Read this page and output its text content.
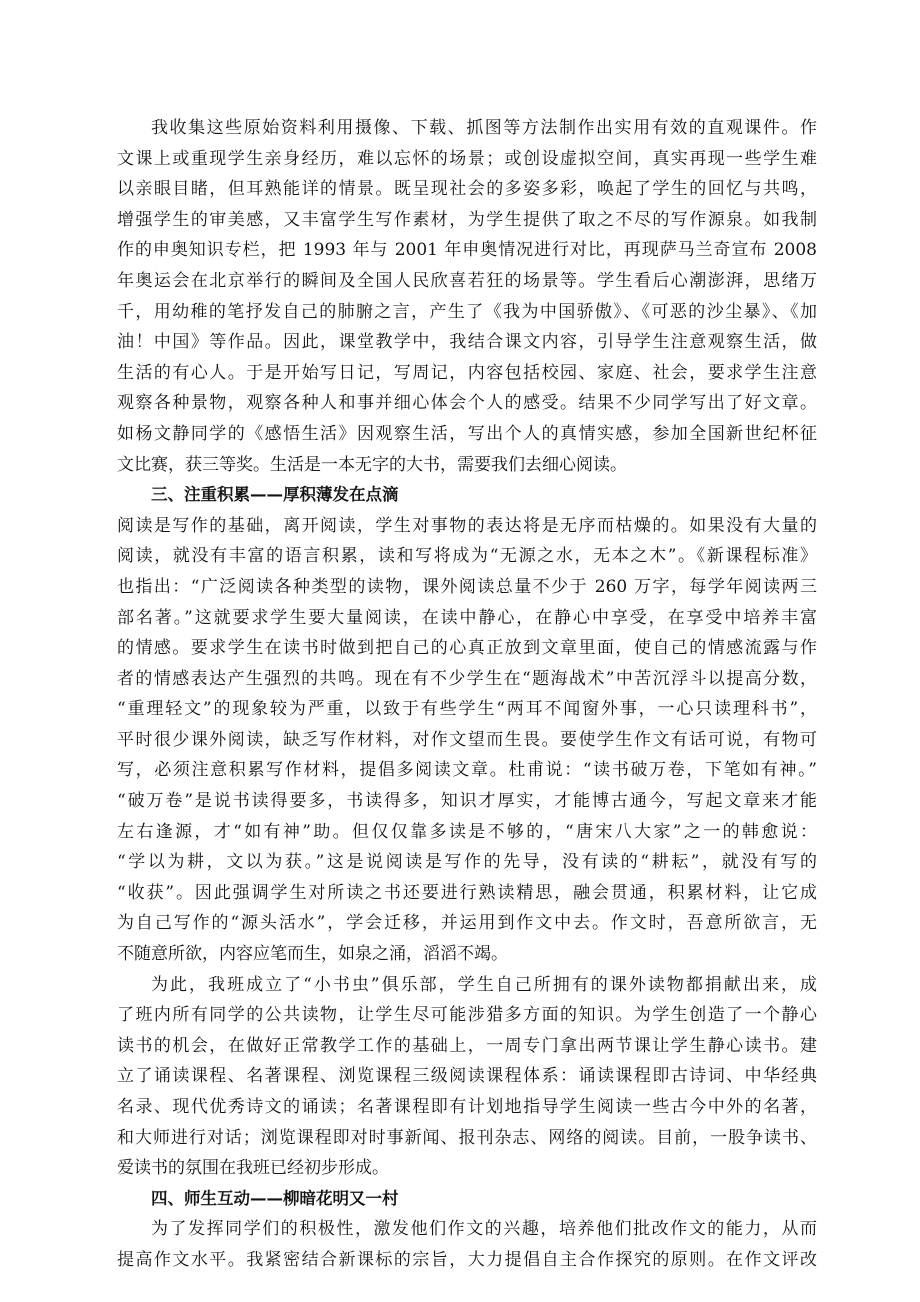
我收集这些原始资料利用摄像、下载、抓图等方法制作出实用有效的直观课件。作
文课上或重现学生亲身经历，难以忘怀的场景；或创设虚拟空间，真实再现一些学生难
以亲眼目睹，但耳熟能详的情景。既呈现社会的多姿多彩，唤起了学生的回忆与共鸣，
增强学生的审美感，又丰富学生写作素材，为学生提供了取之不尽的写作源泉。如我制
作的申奥知识专栏，把 1993 年与 2001 年申奥情况进行对比，再现萨马兰奇宣布 2008
年奥运会在北京举行的瞬间及全国人民欣喜若狂的场景等。学生看后心潮澎湃，思绪万
千，用幼稚的笔抒发自己的肺腑之言，产生了《我为中国骄傲》、《可恶的沙尘暴》、《加
油！中国》等作品。因此，课堂教学中，我结合课文内容，引导学生注意观察生活，做
生活的有心人。于是开始写日记，写周记，内容包括校园、家庭、社会，要求学生注意
观察各种景物，观察各种人和事并细心体会个人的感受。结果不少同学写出了好文章。
如杨文静同学的《感悟生活》因观察生活，写出个人的真情实感，参加全国新世纪杯征
文比赛，获三等奖。生活是一本无字的大书，需要我们去细心阅读。
三、注重积累——厚积薄发在点滴
阅读是写作的基础，离开阅读，学生对事物的表达将是无序而枯燥的。如果没有大量的
阅读，就没有丰富的语言积累，读和写将成为“无源之水，无本之木”。《新课程标准》
也指出：“广泛阅读各种类型的读物，课外阅读总量不少于 260 万字，每学年阅读两三
部名著。”这就要求学生要大量阅读，在读中静心，在静心中享受，在享受中培养丰富
的情感。要求学生在读书时做到把自己的心真正放到文章里面，使自己的情感流露与作
者的情感表达产生强烈的共鸣。现在有不少学生在“题海战术”中苦沉浮斗以提高分数，
“重理轻文”的现象较为严重，以致于有些学生“两耳不闻窗外事，一心只读理科书”，
平时很少课外阅读，缺乏写作材料，对作文望而生畏。要使学生作文有话可说，有物可
写，必须注意积累写作材料，提倡多阅读文章。杜甫说：“读书破万卷，下笔如有神。”
“破万卷”是说书读得要多，书读得多，知识才厚实，才能博古通今，写起文章来才能
左右逢源，才“如有神”助。但仅仅靠多读是不够的，“唐宋八大家”之一的韩愈说：
“学以为耕，文以为获。”这是说阅读是写作的先导，没有读的“耕耘”，就没有写的
“收获”。因此强调学生对所读之书还要进行熟读精思，融会贯通，积累材料，让它成
为自己写作的“源头活水”，学会迁移，并运用到作文中去。作文时，吾意所欲言，无
不随意所欲，内容应笔而生，如泉之涌，滔滔不竭。
为此，我班成立了“小书虫”俱乐部，学生自己所拥有的课外读物都捐献出来，成
了班内所有同学的公共读物，让学生尽可能涉猎多方面的知识。为学生创造了一个静心
读书的机会，在做好正常教学工作的基础上，一周专门拿出两节课让学生静心读书。建
立了诵读课程、名著课程、浏览课程三级阅读课程体系：诵读课程即古诗词、中华经典
名录、现代优秀诗文的诵读；名著课程即有计划地指导学生阅读一些古今中外的名著，
和大师进行对话；浏览课程即对时事新闻、报刊杂志、网络的阅读。目前，一股争读书、
爱读书的氛围在我班已经初步形成。
四、师生互动——柳暗花明又一村
为了发挥同学们的积极性，激发他们作文的兴趣，培养他们批改作文的能力，从而
提高作文水平。我紧密结合新课标的宗旨，大力提倡自主合作探究的原则。在作文评改
